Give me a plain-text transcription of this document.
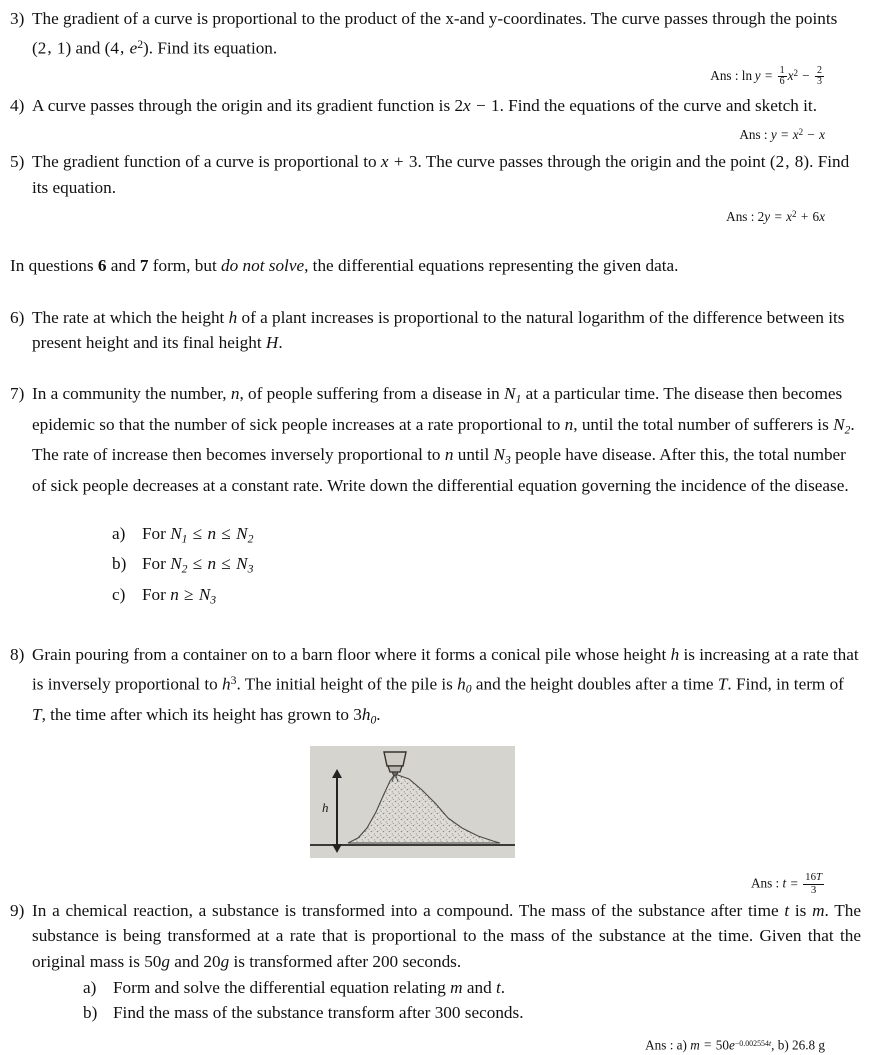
3) The gradient of a curve is proportional to the product of the x-and y-coordinates. The curve passes through the points (2, 1) and (4, $e^2$). Find its equation.
Ans : $\ln y = \frac{1}{6} x^2 - \frac{2}{3}$
4) A curve passes through the origin and its gradient function is 2x − 1. Find the equations of the curve and sketch it.
Ans : $y = x^2 - x$
5) The gradient function of a curve is proportional to x + 3. The curve passes through the origin and the point (2, 8). Find its equation.
Ans : $2y = x^2 + 6x$
In questions 6 and 7 form, but do not solve, the differential equations representing the given data.
6) The rate at which the height h of a plant increases is proportional to the natural logarithm of the difference between its present height and its final height H.
7) In a community the number, n, of people suffering from a disease in $N_1$ at a particular time. The disease then becomes epidemic so that the number of sick people increases at a rate proportional to n, until the total number of sufferers is $N_2$. The rate of increase then becomes inversely proportional to n until $N_3$ people have disease. After this, the total number of sick people decreases at a constant rate. Write down the differential equation governing the incidence of the disease.
a) For $N_1 \le n \le N_2$
b) For $N_2 \le n \le N_3$
c) For $n \ge N_3$
8) Grain pouring from a container on to a barn floor where it forms a conical pile whose height h is increasing at a rate that is inversely proportional to $h^3$. The initial height of the pile is $h_0$ and the height doubles after a time T. Find, in term of T, the time after which its height has grown to $3h_0$.
h
Ans : $t = \frac{16T}{3}$
9) In a chemical reaction, a substance is transformed into a compound. The mass of the substance after time t is m. The substance is being transformed at a rate that is proportional to the mass of the substance at the time. Given that the original mass is 50g and 20g is transformed after 200 seconds.
a) Form and solve the differential equation relating m and t.
b) Find the mass of the substance transform after 300 seconds.
Ans : a) $m = 50e^{-0.002554t}$, b) 26.8 g
